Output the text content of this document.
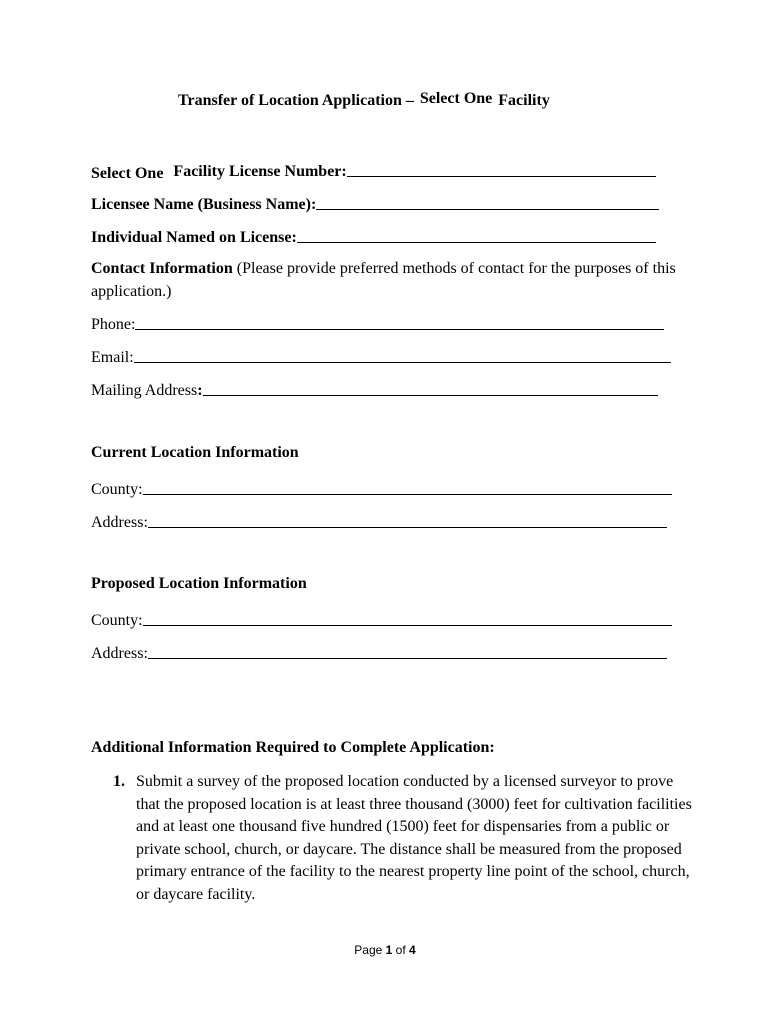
Transfer of Location Application – Select One Facility
Select One Facility License Number:
Licensee Name (Business Name):
Individual Named on License:
Contact Information (Please provide preferred methods of contact for the purposes of this application.)
Phone:
Email:
Mailing Address :
Current Location Information
County:
Address:
Proposed Location Information
County:
Address:
Additional Information Required to Complete Application:
1. Submit a survey of the proposed location conducted by a licensed surveyor to prove that the proposed location is at least three thousand (3000) feet for cultivation facilities and at least one thousand five hundred (1500) feet for dispensaries from a public or private school, church, or daycare. The distance shall be measured from the proposed primary entrance of the facility to the nearest property line point of the school, church, or daycare facility.
Page 1 of 4
